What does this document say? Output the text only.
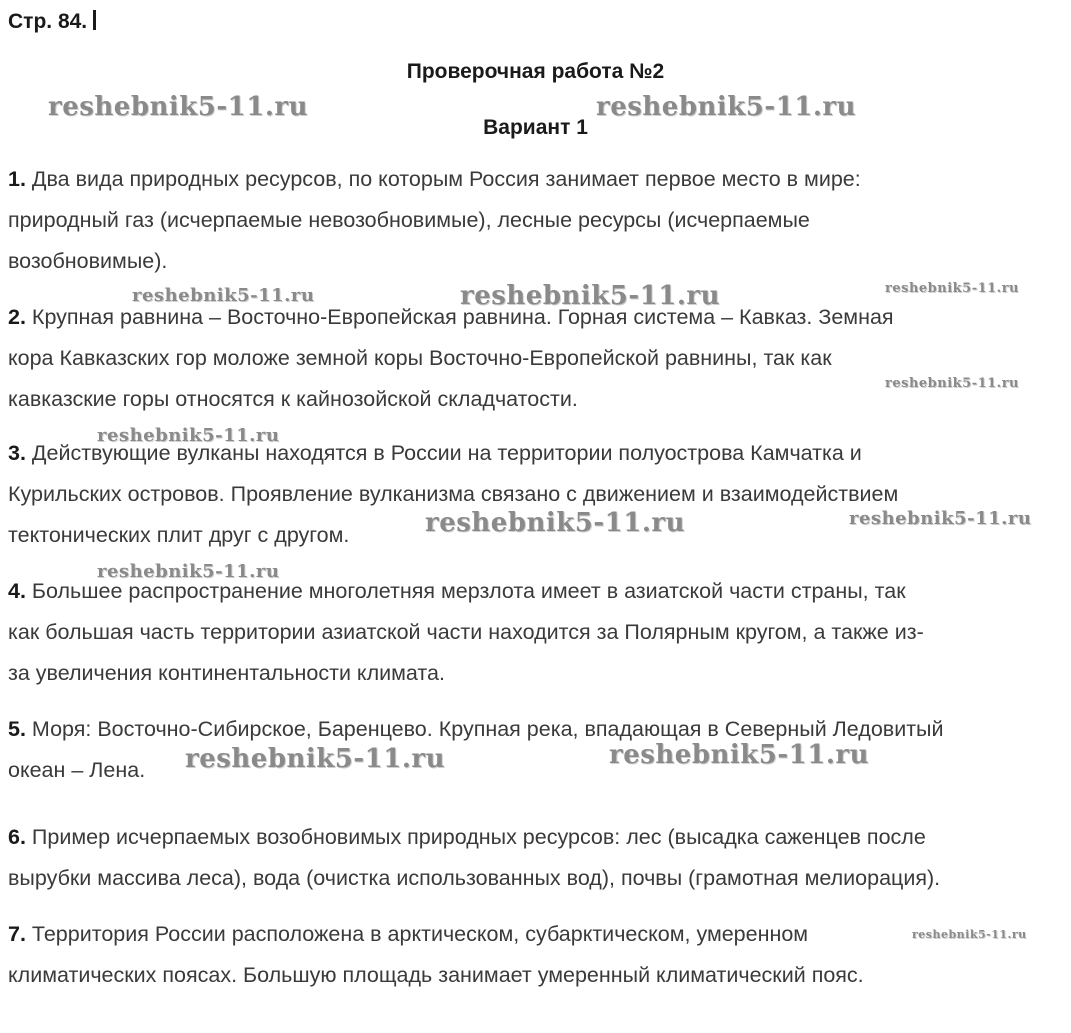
Стр. 84.
Проверочная работа №2
Вариант 1

1. Два вида природных ресурсов, по которым Россия занимает первое место в мире:
природный газ (исчерпаемые невозобновимые), лесные ресурсы (исчерпаемые
возобновимые).

2. Крупная равнина – Восточно-Европейская равнина. Горная система – Кавказ. Земная
кора Кавказских гор моложе земной коры Восточно-Европейской равнины, так как
кавказские горы относятся к кайнозойской складчатости.

3. Действующие вулканы находятся в России на территории полуострова Камчатка и
Курильских островов. Проявление вулканизма связано с движением и взаимодействием
тектонических плит друг с другом.

4. Большее распространение многолетняя мерзлота имеет в азиатской части страны, так
как большая часть территории азиатской части находится за Полярным кругом, а также из-
за увеличения континентальности климата.

5. Моря: Восточно-Сибирское, Баренцево. Крупная река, впадающая в Северный Ледовитый
океан – Лена.

6. Пример исчерпаемых возобновимых природных ресурсов: лес (высадка саженцев после
вырубки массива леса), вода (очистка использованных вод), почвы (грамотная мелиорация).

7. Территория России расположена в арктическом, субарктическом, умеренном
климатических поясах. Большую площадь занимает умеренный климатический пояс.

reshebnik5-11.ru	reshebnik5-11.ru
reshebnik5-11.ru	reshebnik5-11.ru	reshebnik5-11.ru
reshebnik5-11.ru
reshebnik5-11.ru
reshebnik5-11.ru	reshebnik5-11.ru
reshebnik5-11.ru
reshebnik5-11.ru	reshebnik5-11.ru
reshebnik5-11.ru
